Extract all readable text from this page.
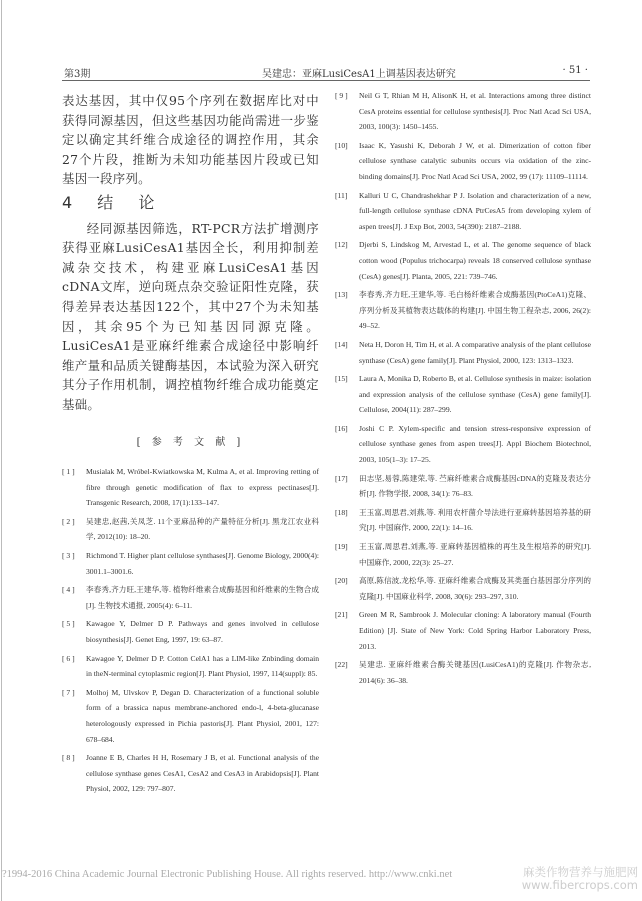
第3期	吴建忠：亚麻LusiCesA1上调基因表达研究	· 51 ·

表达基因，其中仅95个序列在数据库比对中获得同源基因，但这些基因功能尚需进一步鉴定以确定其纤维合成途径的调控作用，其余27个片段，推断为未知功能基因片段或已知基因一段序列。

4 结 论

经同源基因筛选，RT-PCR方法扩增测序获得亚麻LusiCesA1基因全长，利用抑制差减杂交技术，构建亚麻LusiCesA1基因cDNA文库，逆向斑点杂交验证阳性克隆，获得差异表达基因122个，其中27个为未知基因，其余95个为已知基因同源克隆。LusiCesA1是亚麻纤维素合成途径中影响纤维产量和品质关键酶基因，本试验为深入研究其分子作用机制，调控植物纤维合成功能奠定基础。

[ 参 考 文 献 ]
[ 1 ]	Musialak M, Wróbel-Kwiatkowska M, Kulma A, et al. Improving retting of fibre through genetic modification of flax to express pectinases[J]. Transgenic Research, 2008, 17(1):133–147.
[ 2 ]	吴建忠,赵茜,关凤芝. 11个亚麻品种的产量特征分析[J]. 黑龙江农业科学, 2012(10): 18–20.
[ 3 ]	Richmond T. Higher plant cellulose synthases[J]. Genome Biology, 2000(4): 3001.1–3001.6.
[ 4 ]	李春秀,齐力旺,王建华,等. 植物纤维素合成酶基因和纤维素的生物合成[J]. 生物技术通报, 2005(4): 6–11.
[ 5 ]	Kawagoe Y, Delmer D P. Pathways and genes involved in cellulose biosynthesis[J]. Genet Eng, 1997, 19: 63–87.
[ 6 ]	Kawagoe Y, Delmer D P. Cotton CelA1 has a LIM-like Znbinding domain in theN-terminal cytoplasmic region[J]. Plant Physiol, 1997, 114(suppl): 85.
[ 7 ]	Molhoj M, Ulvskov P, Degan D. Characterization of a functional soluble form of a brassica napus membrane-anchored endo-l, 4-beta-glucanase heterologously expressed in Pichia pastoris[J]. Plant Physiol, 2001, 127: 678–684.
[ 8 ]	Joanne E B, Charles H H, Rosemary J B, et al. Functional analysis of the cellulose synthase genes CesA1, CesA2 and CesA3 in Arabidopsis[J]. Plant Physiol, 2002, 129: 797–807.
[ 9 ]	Neil G T, Rhian M H, AlisonK H, et al. Interactions among three distinct CesA proteins essential for cellulose synthesis[J]. Proc Natl Acad Sci USA, 2003, 100(3): 1450–1455.
[10]	Isaac K, Yasushi K, Deborah J W, et al. Dimerization of cotton fiber cellulose synthase catalytic subunits occurs via oxidation of the zinc-binding domains[J]. Proc Natl Acad Sci USA, 2002, 99 (17): 11109–11114.
[11]	Kalluri U C, Chandrashekhar P J. Isolation and characterization of a new, full-length cellulose synthase cDNA PtrCesA5 from developing xylem of aspen trees[J]. J Exp Bot, 2003, 54(390): 2187–2188.
[12]	Djerbi S, Lindskog M, Arvestad L, et al. The genome sequence of black cotton wood (Populus trichocarpa) reveals 18 conserved cellulose synthase (CesA) genes[J]. Planta, 2005, 221: 739–746.
[13]	李春秀,齐力旺,王建华,等. 毛白杨纤维素合成酶基因(PtoCeA1)克隆、序列分析及其植物表达载体的构建[J]. 中国生物工程杂志, 2006, 26(2): 49–52.
[14]	Neta H, Doron H, Tim H, et al. A comparative analysis of the plant cellulose synthase (CesA) gene family[J]. Plant Physiol, 2000, 123: 1313–1323.
[15]	Laura A, Monika D, Roberto B, et al. Cellulose synthesis in maize: isolation and expression analysis of the cellulose synthase (CesA) gene family[J]. Cellulose, 2004(11): 287–299.
[16]	Joshi C P. Xylem-specific and tension stress-responsive expression of cellulose synthase genes from aspen trees[J]. Appl Biochem Biotechnol, 2003, 105(1–3): 17–25.
[17]	田志坚,易蓉,陈建荣,等. 苎麻纤维素合成酶基因cDNA的克隆及表达分析[J]. 作物学报, 2008, 34(1): 76–83.
[18]	王玉富,周思君,刘燕,等. 利用农杆菌介导法进行亚麻转基因培养基的研究[J]. 中国麻作, 2000, 22(1): 14–16.
[19]	王玉富,周思君,刘燕,等. 亚麻转基因植株的再生及生根培养的研究[J]. 中国麻作, 2000, 22(3): 25–27.
[20]	高原,陈信波,龙松华,等. 亚麻纤维素合成酶及其类蛋白基因部分序列的克隆[J]. 中国麻业科学, 2008, 30(6): 293–297, 310.
[21]	Green M R, Sambrook J. Molecular cloning: A laboratory manual (Fourth Edition) [J]. State of New York: Cold Spring Harbor Laboratory Press, 2013.
[22]	吴建忠. 亚麻纤维素合酶关键基因(LusiCesA1)的克隆[J]. 作物杂志, 2014(6): 36–38.
?1994-2016 China Academic Journal Electronic Publishing House. All rights reserved. http://www.cnki.net	麻类作物营养与施肥网
www.fibercrops.com
